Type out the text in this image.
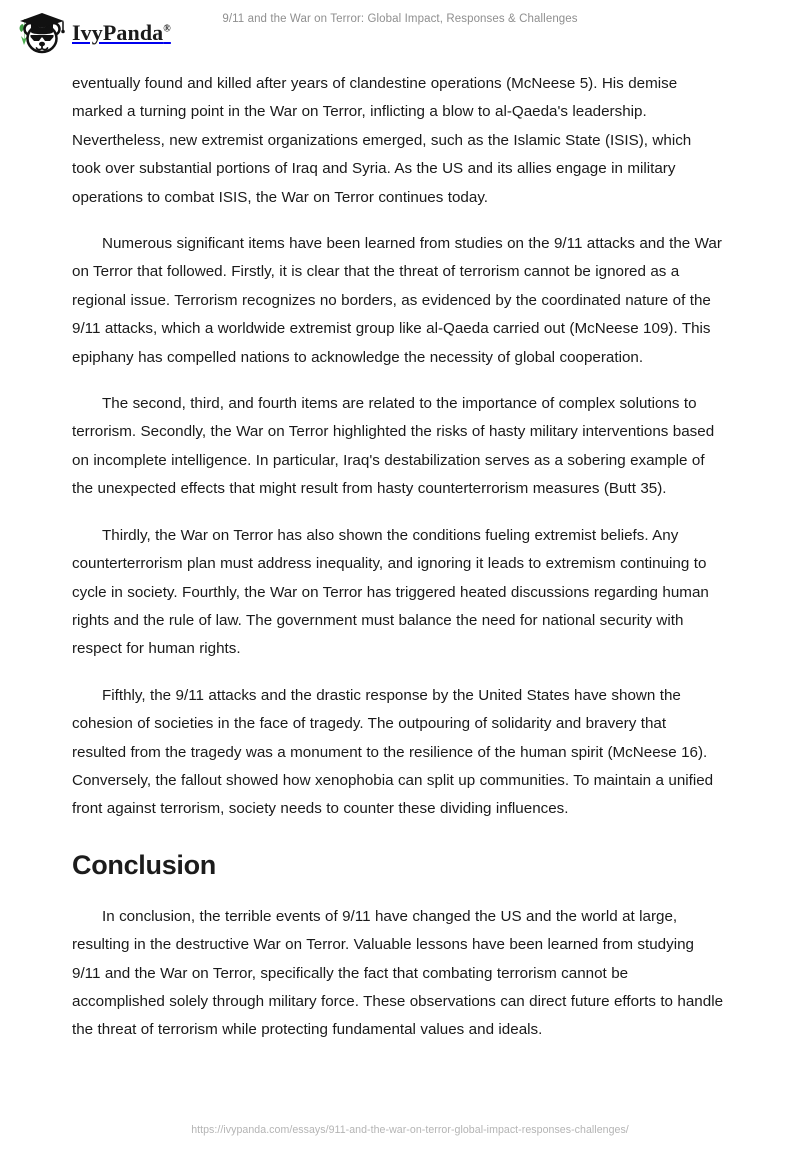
IvyPanda®
9/11 and the War on Terror: Global Impact, Responses & Challenges

eventually found and killed after years of clandestine operations (McNeese 5). His demise marked a turning point in the War on Terror, inflicting a blow to al-Qaeda's leadership. Nevertheless, new extremist organizations emerged, such as the Islamic State (ISIS), which took over substantial portions of Iraq and Syria. As the US and its allies engage in military operations to combat ISIS, the War on Terror continues today.

Numerous significant items have been learned from studies on the 9/11 attacks and the War on Terror that followed. Firstly, it is clear that the threat of terrorism cannot be ignored as a regional issue. Terrorism recognizes no borders, as evidenced by the coordinated nature of the 9/11 attacks, which a worldwide extremist group like al-Qaeda carried out (McNeese 109). This epiphany has compelled nations to acknowledge the necessity of global cooperation.

The second, third, and fourth items are related to the importance of complex solutions to terrorism. Secondly, the War on Terror highlighted the risks of hasty military interventions based on incomplete intelligence. In particular, Iraq's destabilization serves as a sobering example of the unexpected effects that might result from hasty counterterrorism measures (Butt 35).

Thirdly, the War on Terror has also shown the conditions fueling extremist beliefs. Any counterterrorism plan must address inequality, and ignoring it leads to extremism continuing to cycle in society. Fourthly, the War on Terror has triggered heated discussions regarding human rights and the rule of law. The government must balance the need for national security with respect for human rights.

Fifthly, the 9/11 attacks and the drastic response by the United States have shown the cohesion of societies in the face of tragedy. The outpouring of solidarity and bravery that resulted from the tragedy was a monument to the resilience of the human spirit (McNeese 16). Conversely, the fallout showed how xenophobia can split up communities. To maintain a unified front against terrorism, society needs to counter these dividing influences.

Conclusion

In conclusion, the terrible events of 9/11 have changed the US and the world at large, resulting in the destructive War on Terror. Valuable lessons have been learned from studying 9/11 and the War on Terror, specifically the fact that combating terrorism cannot be accomplished solely through military force. These observations can direct future efforts to handle the threat of terrorism while protecting fundamental values and ideals.

https://ivypanda.com/essays/911-and-the-war-on-terror-global-impact-responses-challenges/
